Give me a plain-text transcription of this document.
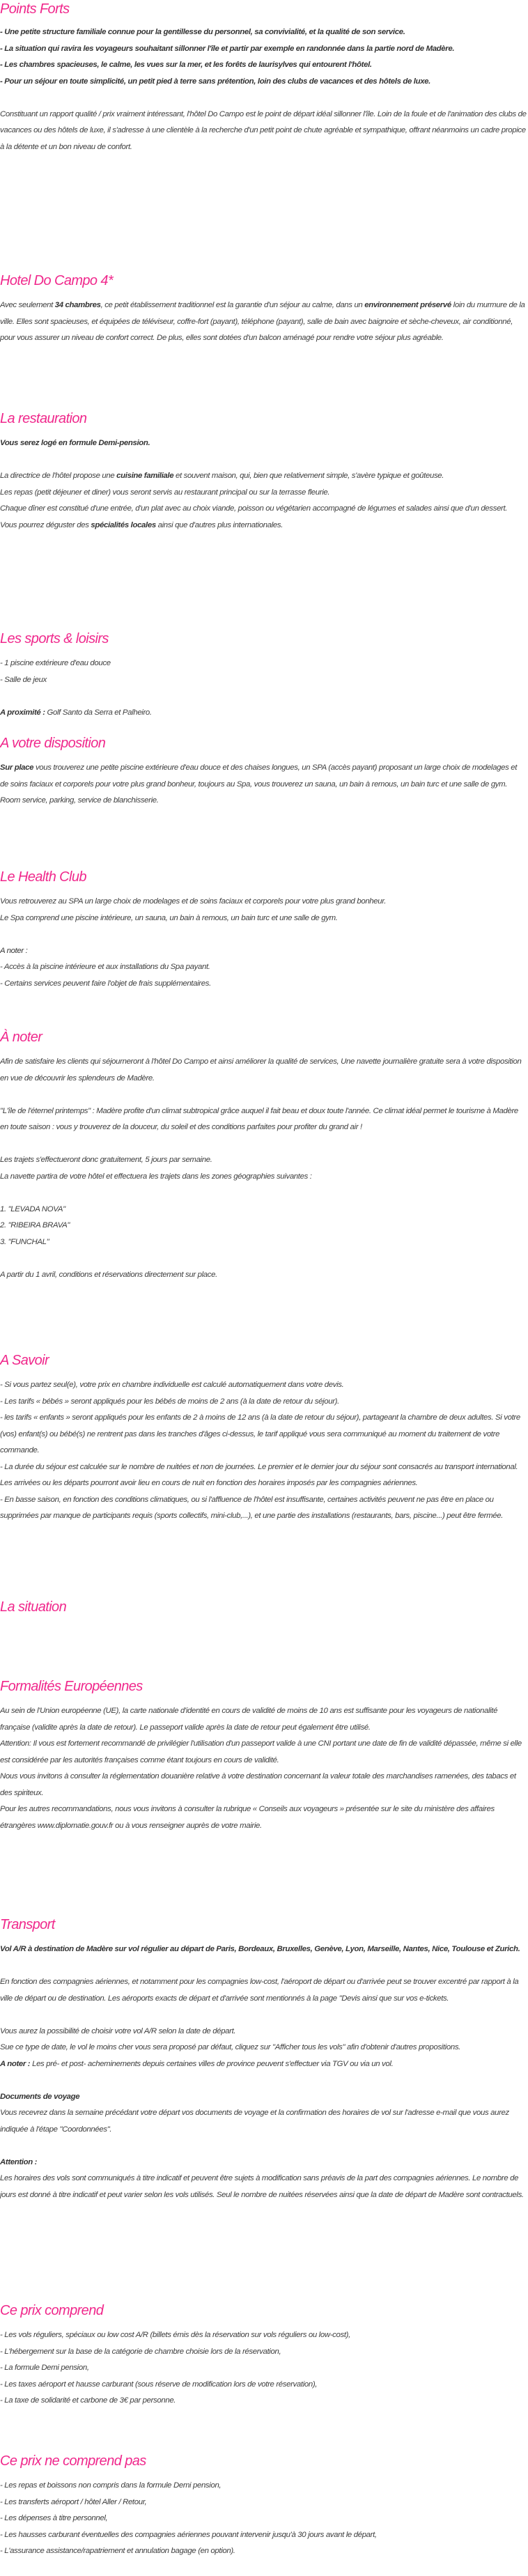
Points Forts

- Une petite structure familiale connue pour la gentillesse du personnel, sa convivialité, et la qualité de son service.

- La situation qui ravira les voyageurs souhaitant sillonner l'île et partir par exemple en randonnée dans la partie nord de Madère.

- Les chambres spacieuses, le calme, les vues sur la mer, et les forêts de laurisylves qui entourent l'hôtel.

- Pour un séjour en toute simplicité, un petit pied à terre sans prétention, loin des clubs de vacances et des hôtels de luxe.

Constituant un rapport qualité / prix vraiment intéressant, l'hôtel Do Campo est le point de départ idéal sillonner l'île. Loin de la foule et de l'animation des clubs de vacances ou des hôtels de luxe, il s'adresse à une clientèle à la recherche d'un petit point de chute agréable et sympathique, offrant néanmoins un cadre propice à la détente et un bon niveau de confort.

Hotel Do Campo 4*

Avec seulement 34 chambres, ce petit établissement traditionnel est la garantie d'un séjour au calme, dans un environnement préservé loin du murmure de la ville. Elles sont spacieuses, et équipées de téléviseur, coffre-fort (payant), téléphone (payant), salle de bain avec baignoire et sèche-cheveux, air conditionné, pour vous assurer un niveau de confort correct. De plus, elles sont dotées d'un balcon aménagé pour rendre votre séjour plus agréable.

La restauration

Vous serez logé en formule Demi-pension.

La directrice de l'hôtel propose une cuisine familiale et souvent maison, qui, bien que relativement simple, s'avère typique et goûteuse.

Les repas (petit déjeuner et diner) vous seront servis au restaurant principal ou sur la terrasse fleurie.

Chaque dîner est constitué d'une entrée, d'un plat avec au choix viande, poisson ou végétarien accompagné de légumes et salades ainsi que d'un dessert.

Vous pourrez déguster des spécialités locales ainsi que d'autres plus internationales.

Les sports & loisirs

- 1 piscine extérieure d'eau douce

- Salle de jeux

A proximité : Golf Santo da Serra et Palheiro.

A votre disposition

Sur place vous trouverez une petite piscine extérieure d'eau douce et des chaises longues, un SPA (accès payant) proposant un large choix de modelages et de soins faciaux et corporels pour votre plus grand bonheur, toujours au Spa, vous trouverez un sauna, un bain à remous, un bain turc et une salle de gym.

Room service, parking, service de blanchisserie.

Le Health Club

Vous retrouverez au SPA un large choix de modelages et de soins faciaux et corporels pour votre plus grand bonheur.

Le Spa comprend une piscine intérieure, un sauna, un bain à remous, un bain turc et une salle de gym.

A noter :

- Accès à la piscine intérieure et aux installations du Spa payant.

- Certains services peuvent faire l'objet de frais supplémentaires.

À noter

Afin de satisfaire les clients qui séjourneront à l'hôtel Do Campo et ainsi améliorer la qualité de services, Une navette journalière gratuite sera à votre disposition en vue de découvrir les splendeurs de Madère.

"L'île de l'éternel printemps" : Madère profite d'un climat subtropical grâce auquel il fait beau et doux toute l'année. Ce climat idéal permet le tourisme à Madère en toute saison : vous y trouverez de la douceur, du soleil et des conditions parfaites pour profiter du grand air !

Les trajets s'effectueront donc gratuitement, 5 jours par semaine.

La navette partira de votre hôtel et effectuera les trajets dans les zones géographies suivantes :

1. "LEVADA NOVA"

2. "RIBEIRA BRAVA"

3. "FUNCHAL"

A partir du 1 avril, conditions et réservations directement sur place.

A Savoir

- Si vous partez seul(e), votre prix en chambre individuelle est calculé automatiquement dans votre devis.

- Les tarifs « bébés » seront appliqués pour les bébés de moins de 2 ans (à la date de retour du séjour).

- les tarifs « enfants » seront appliqués pour les enfants de 2 à moins de 12 ans (à la date de retour du séjour), partageant la chambre de deux adultes. Si votre (vos) enfant(s) ou bébé(s) ne rentrent pas dans les tranches d'âges ci-dessus, le tarif appliqué vous sera communiqué au moment du traitement de votre commande.

- La durée du séjour est calculée sur le nombre de nuitées et non de journées. Le premier et le dernier jour du séjour sont consacrés au transport international. Les arrivées ou les départs pourront avoir lieu en cours de nuit en fonction des horaires imposés par les compagnies aériennes.

- En basse saison, en fonction des conditions climatiques, ou si l'affluence de l'hôtel est insuffisante, certaines activités peuvent ne pas être en place ou supprimées par manque de participants requis (sports collectifs, mini-club,...), et une partie des installations (restaurants, bars, piscine...) peut être fermée.

La situation
Formalités Européennes

Au sein de l'Union européenne (UE), la carte nationale d'identité en cours de validité de moins de 10 ans est suffisante pour les voyageurs de nationalité française (validite après la date de retour). Le passeport valide après la date de retour peut également être utilisé.

Attention: Il vous est fortement recommandé de privilégier l'utilisation d'un passeport valide à une CNI portant une date de fin de validité dépassée, même si elle est considérée par les autorités françaises comme étant toujours en cours de validité.

Nous vous invitons à consulter la réglementation douanière relative à votre destination concernant la valeur totale des marchandises ramenées, des tabacs et des spiriteux.

Pour les autres recommandations, nous vous invitons à consulter la rubrique « Conseils aux voyageurs » présentée sur le site du ministère des affaires étrangères www.diplomatie.gouv.fr ou à vous renseigner auprès de votre mairie.

Transport

Vol A/R à destination de Madère sur vol régulier au départ de Paris, Bordeaux, Bruxelles, Genève, Lyon, Marseille, Nantes, Nice, Toulouse et Zurich.

En fonction des compagnies aériennes, et notamment pour les compagnies low-cost, l'aéroport de départ ou d'arrivée peut se trouver excentré par rapport à la ville de départ ou de destination. Les aéroports exacts de départ et d'arrivée sont mentionnés à la page "Devis ainsi que sur vos e-tickets.

Vous aurez la possibilité de choisir votre vol A/R selon la date de départ.

Sue ce type de date, le vol le moins cher vous sera proposé par défaut, cliquez sur "Afficher tous les vols" afin d'obtenir d'autres propositions.

A noter : Les pré- et post- acheminements depuis certaines villes de province peuvent s'effectuer via TGV ou via un vol.

Documents de voyage

Vous recevrez dans la semaine précédant votre départ vos documents de voyage et la confirmation des horaires de vol sur l'adresse e-mail que vous aurez indiquée à l'étape "Coordonnées".

Attention :

Les horaires des vols sont communiqués à titre indicatif et peuvent être sujets à modification sans préavis de la part des compagnies aériennes. Le nombre de jours est donné à titre indicatif et peut varier selon les vols utilisés. Seul le nombre de nuitées réservées ainsi que la date de départ de Madère sont contractuels.

Ce prix comprend

- Les vols réguliers, spéciaux ou low cost A/R (billets émis dès la réservation sur vols réguliers ou low-cost),

- L'hébergement sur la base de la catégorie de chambre choisie lors de la réservation,

- La formule Demi pension,

- Les taxes aéroport et hausse carburant (sous réserve de modification lors de votre réservation),

- La taxe de solidarité et carbone de 3€ par personne.

Ce prix ne comprend pas

- Les repas et boissons non compris dans la formule Demi pension,

- Les transferts aéroport / hôtel Aller / Retour,

- Les dépenses à titre personnel,

- Les hausses carburant éventuelles des compagnies aériennes pouvant intervenir jusqu'à 30 jours avant le départ,

- L'assurance assistance/rapatriement et annulation bagage (en option).
